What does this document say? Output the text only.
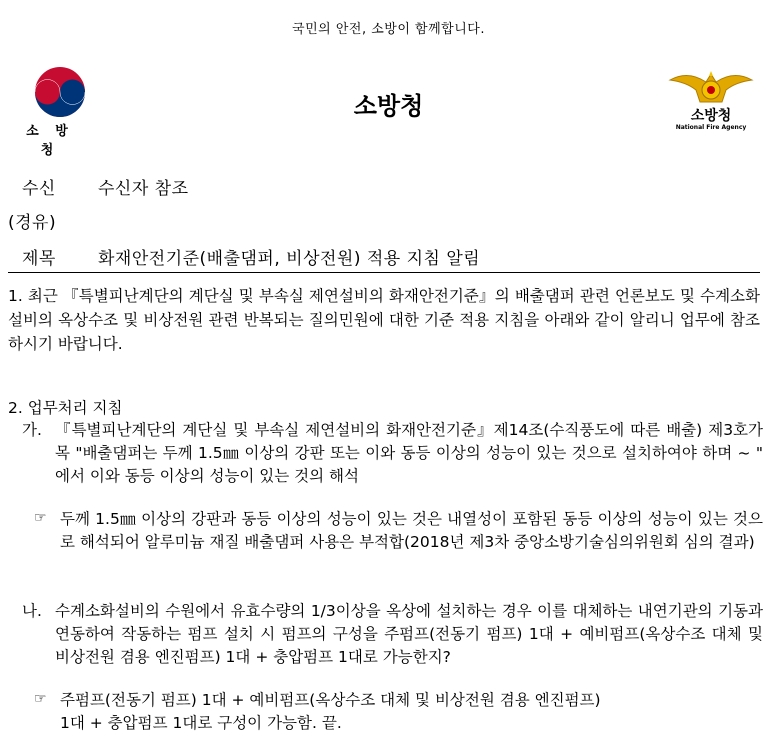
국민의 안전, 소방이 함께합니다.
소 방 청
소방청	소방청
National Fire Agency
수신 수신자 참조
(경유)
제목 화재안전기준(배출댐퍼, 비상전원) 적용 지침 알림
1. 최근 『특별피난계단의 계단실 및 부속실 제연설비의 화재안전기준』의 배출댐퍼 관련 언론보도 및 수계소화설비의 옥상수조 및 비상전원 관련 반복되는 질의민원에 대한 기준 적용 지침을 아래와 같이 알리니 업무에 참조하시기 바랍니다.
2. 업무처리 지침
가. 『특별피난계단의 계단실 및 부속실 제연설비의 화재안전기준』제14조(수직풍도에 따른 배출) 제3호가목 "배출댐퍼는 두께 1.5㎜ 이상의 강판 또는 이와 동등 이상의 성능이 있는 것으로 설치하여야 하며 ~ " 에서 이와 동등 이상의 성능이 있는 것의 해석
☞ 두께 1.5㎜ 이상의 강판과 동등 이상의 성능이 있는 것은 내열성이 포함된 동등 이상의 성능이 있는 것으로 해석되어 알루미늄 재질 배출댐퍼 사용은 부적합(2018년 제3차 중앙소방기술심의위원회 심의 결과)
나. 수계소화설비의 수원에서 유효수량의 1/3이상을 옥상에 설치하는 경우 이를 대체하는 내연기관의 기동과 연동하여 작동하는 펌프 설치 시 펌프의 구성을 주펌프(전동기 펌프) 1대 + 예비펌프(옥상수조 대체 및 비상전원 겸용 엔진펌프) 1대 + 충압펌프 1대로 가능한지?
☞ 주펌프(전동기 펌프) 1대 + 예비펌프(옥상수조 대체 및 비상전원 겸용 엔진펌프)
1대 + 충압펌프 1대로 구성이 가능함. 끝.
